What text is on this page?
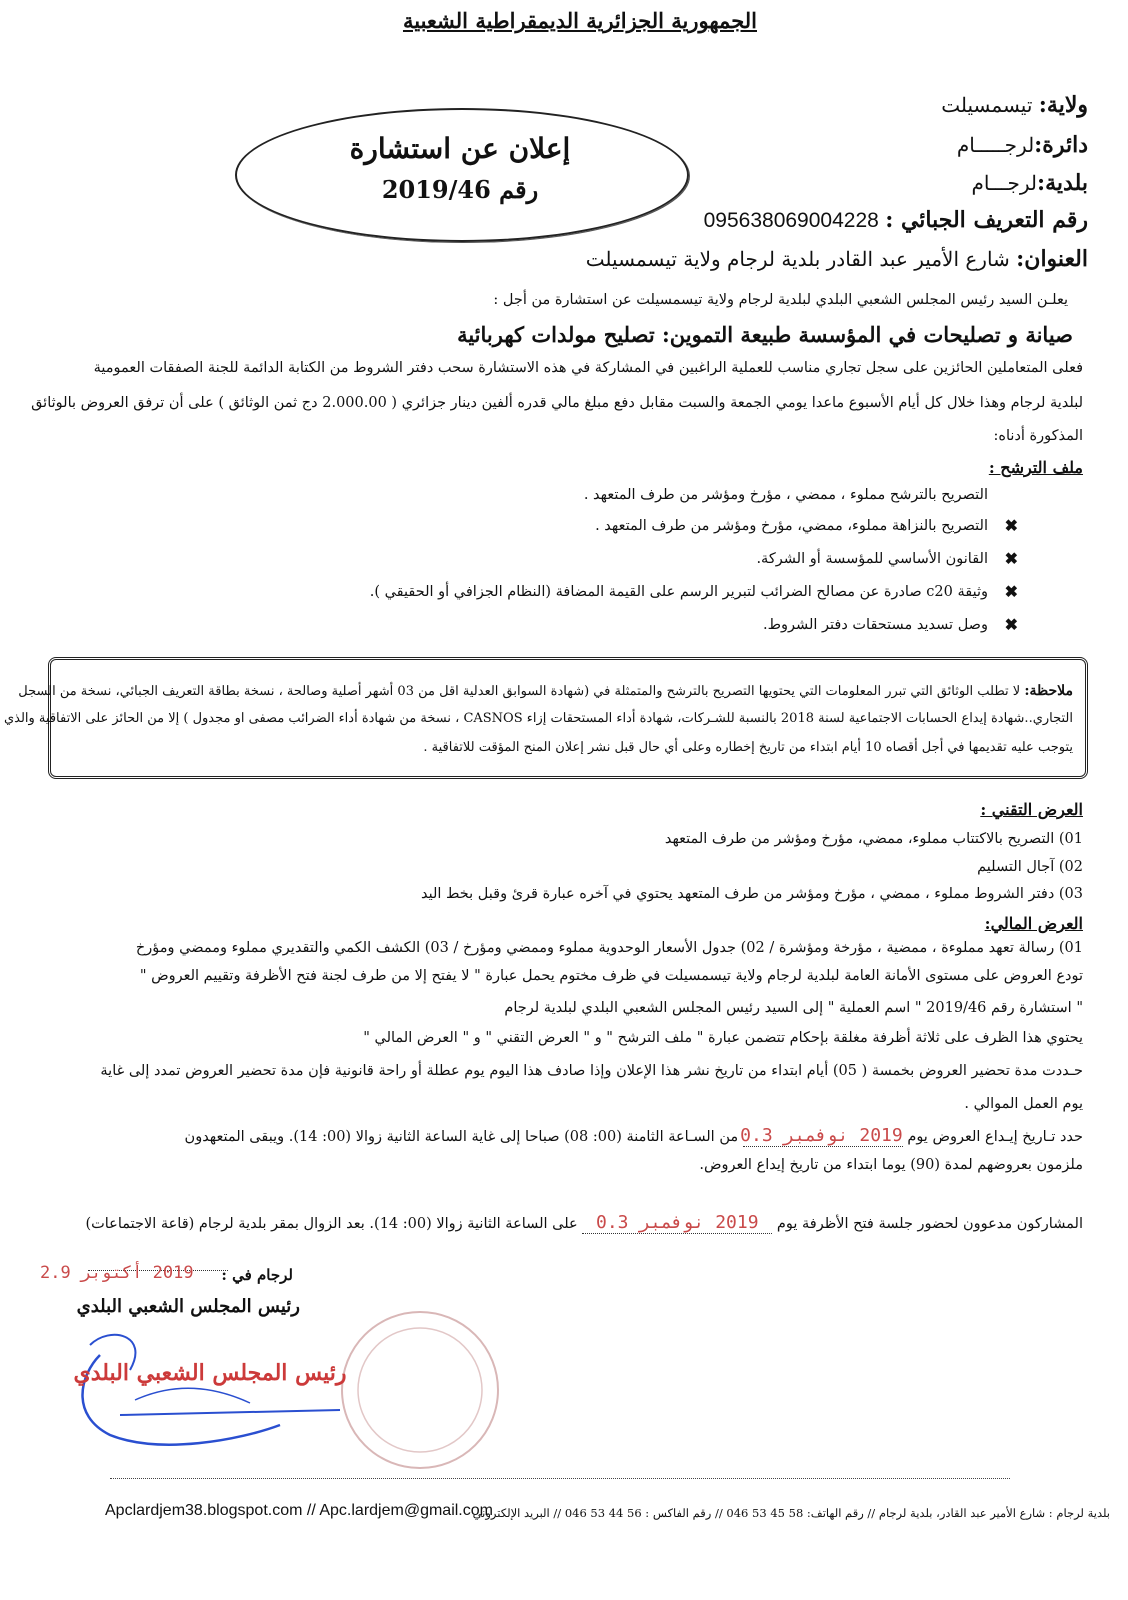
الجمهورية الجزائرية الديمقراطية الشعبية
ولاية: تيسمسيلت
دائرة:لرجـــــام
بلدية:لرجـــام
رقم التعريف الجبائي : 095638069004228
العنوان: شارع الأمير عبد القادر بلدية لرجام ولاية تيسمسيلت
إعلان عن استشارة
رقم 2019/46
يعلـن السيد رئيس المجلس الشعبي البلدي لبلدية لرجام ولاية تيسمسيلت عن استشارة من أجل :
صيانة و تصليحات في المؤسسة طبيعة التموين: تصليح مولدات كهربائية
فعلى المتعاملين الحائزين على سجل تجاري مناسب للعملية الراغبين في المشاركة في هذه الاستشارة سحب دفتر الشروط من الكتابة الدائمة للجنة الصفقات العمومية
لبلدية لرجام وهذا خلال كل أيام الأسبوع ماعدا يومي الجمعة والسبت مقابل دفع مبلغ مالي قدره ألفين دينار جزائري ( 2.000.00 دج ثمن الوثائق ) على أن ترفق العروض بالوثائق
المذكورة أدناه:
ملف الترشح :
التصريح بالترشح مملوء ، ممضي ، مؤرخ ومؤشر من طرف المتعهد .
✖
التصريح بالنزاهة مملوء، ممضي، مؤرخ ومؤشر من طرف المتعهد .
✖
القانون الأساسي للمؤسسة أو الشركة.
✖
وثيقة c20 صادرة عن مصالح الضرائب لتبرير الرسم على القيمة المضافة (النظام الجزافي أو الحقيقي ).
✖
وصل تسديد مستحقات دفتر الشروط.
ملاحظة: لا تطلب الوثائق التي تبرر المعلومات التي يحتويها التصريح بالترشح والمتمثلة في (شهادة السوابق العدلية اقل من 03 أشهر أصلية وصالحة ، نسخة بطاقة التعريف الجبائي، نسخة من السجل
التجاري..شهادة إيداع الحسابات الاجتماعية لسنة 2018 بالنسبة للشـركات، شهادة أداء المستحقات إزاء CASNOS ، نسخة من شهادة أداء الضرائب مصفى او مجدول ) إلا من الحائز على الاتفاقية والذي
يتوجب عليه تقديمها في أجل أقصاه 10 أيام ابتداء من تاريخ إخطاره وعلى أي حال قبل نشر إعلان المنح المؤقت للاتفاقية .
العرض التقني :
01) التصريح بالاكتتاب مملوء، ممضي، مؤرخ ومؤشر من طرف المتعهد
02) آجال التسليم
03) دفتر الشروط مملوء ، ممضي ، مؤرخ ومؤشر من طرف المتعهد يحتوي في آخره عبارة قرئ وقبل بخط اليد
العرض المالي:
01) رسالة تعهد مملوءة ، ممضية ، مؤرخة ومؤشرة / 02) جدول الأسعار الوحدوية مملوء وممضي ومؤرخ / 03) الكشف الكمي والتقديري مملوء وممضي ومؤرخ
تودع العروض على مستوى الأمانة العامة لبلدية لرجام ولاية تيسمسيلت في ظرف مختوم يحمل عبارة " لا يفتح إلا من طرف لجنة فتح الأظرفة وتقييم العروض "
" استشارة رقم 2019/46 " اسم العملية " إلى السيد رئيس المجلس الشعبي البلدي لبلدية لرجام
يحتوي هذا الظرف على ثلاثة أظرفة مغلقة بإحكام تتضمن عبارة " ملف الترشح " و " العرض التقني " و " العرض المالي "
حـددت مدة تحضير العروض بخمسة ( 05) أيام ابتداء من تاريخ نشر هذا الإعلان وإذا صادف هذا اليوم يوم عطلة أو راحة قانونية فإن مدة تحضير العروض تمدد إلى غاية
يوم العمل الموالي .
حدد تـاريخ إيـداع العروض يوم 2019 نوفمبر 0.3 من السـاعة الثامنة (00: 08) صباحا إلى غاية الساعة الثانية زوالا (00: 14). ويبقى المتعهدون
ملزمون بعروضهم لمدة (90) يوما ابتداء من تاريخ إيداع العروض.
المشاركون مدعوون لحضور جلسة فتح الأظرفة يوم 2019 نوفمبر 0.3 على الساعة الثانية زوالا (00: 14). بعد الزوال بمقر بلدية لرجام (قاعة الاجتماعات)
لرجام في :
2019 أكتوبر 2.9
رئيس المجلس الشعبي البلدي
رئيس المجلس الشعبي البلدي
بلدية لرجام : شارع الأمير عبد القادر، بلدية لرجام // رقم الهاتف: 58 45 53 046 // رقم الفاكس : 56 44 53 046 // البريد الإلكتروني
Apclardjem38.blogspot.com // Apc.lardjem@gmail.com
